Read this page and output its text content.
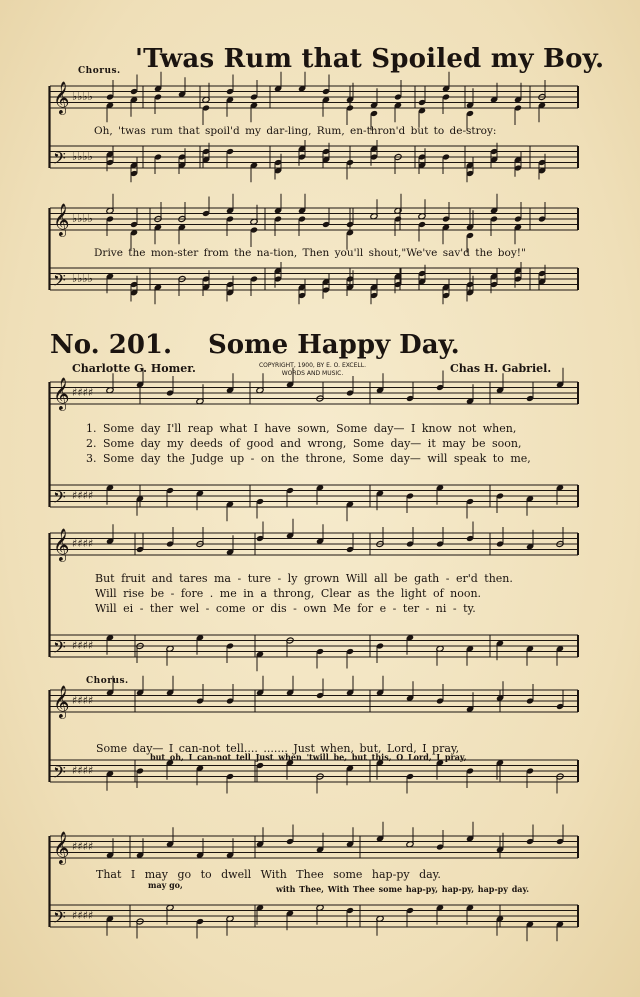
𝄞 ♭♭♭♭
𝄢 ♭♭♭♭
𝄞 ♭♭♭♭
𝄢 ♭♭♭♭
𝄞 ♯♯♯♯
𝄢 ♯♯♯♯
𝄞 ♯♯♯♯
𝄢 ♯♯♯♯
𝄞 ♯♯♯♯
𝄢 ♯♯♯♯
𝄞 ♯♯♯♯
𝄢 ♯♯♯♯
Chorus. 'Twas Rum that Spoiled my Boy.
Oh, 'twas rum that spoil'd my dar-ling, Rum, en-thron'd but to de-stroy:
Drive the mon-ster from the na-tion, Then you'll shout,"We've sav'd the boy!"
No. 201. Some Happy Day.
Charlotte G. Homer.	COPYRIGHT, 1900, BY E. O. EXCELL.
WORDS AND MUSIC.	Chas H. Gabriel.
1. Some day I'll reap what I have sown, Some day— I know not when,
2. Some day my deeds of good and wrong, Some day— it may be soon,
3. Some day the Judge up - on the throne, Some day— will speak to me,
But fruit and tares ma - ture - ly grown Will all be gath - er'd then.
Will rise be - fore . me in a throng, Clear as the light of noon.
Will ei - ther wel - come or dis - own Me for e - ter - ni - ty.
Chorus.
Some day— I can-not tell.... ....... Just when, but, Lord, I pray,
but oh, I can-not tell Just when 'twill be, but this, O Lord, I pray,
That I may go to dwell With Thee some hap-py day.
may go,	with Thee, With Thee some hap-py, hap-py, hap-py day.
